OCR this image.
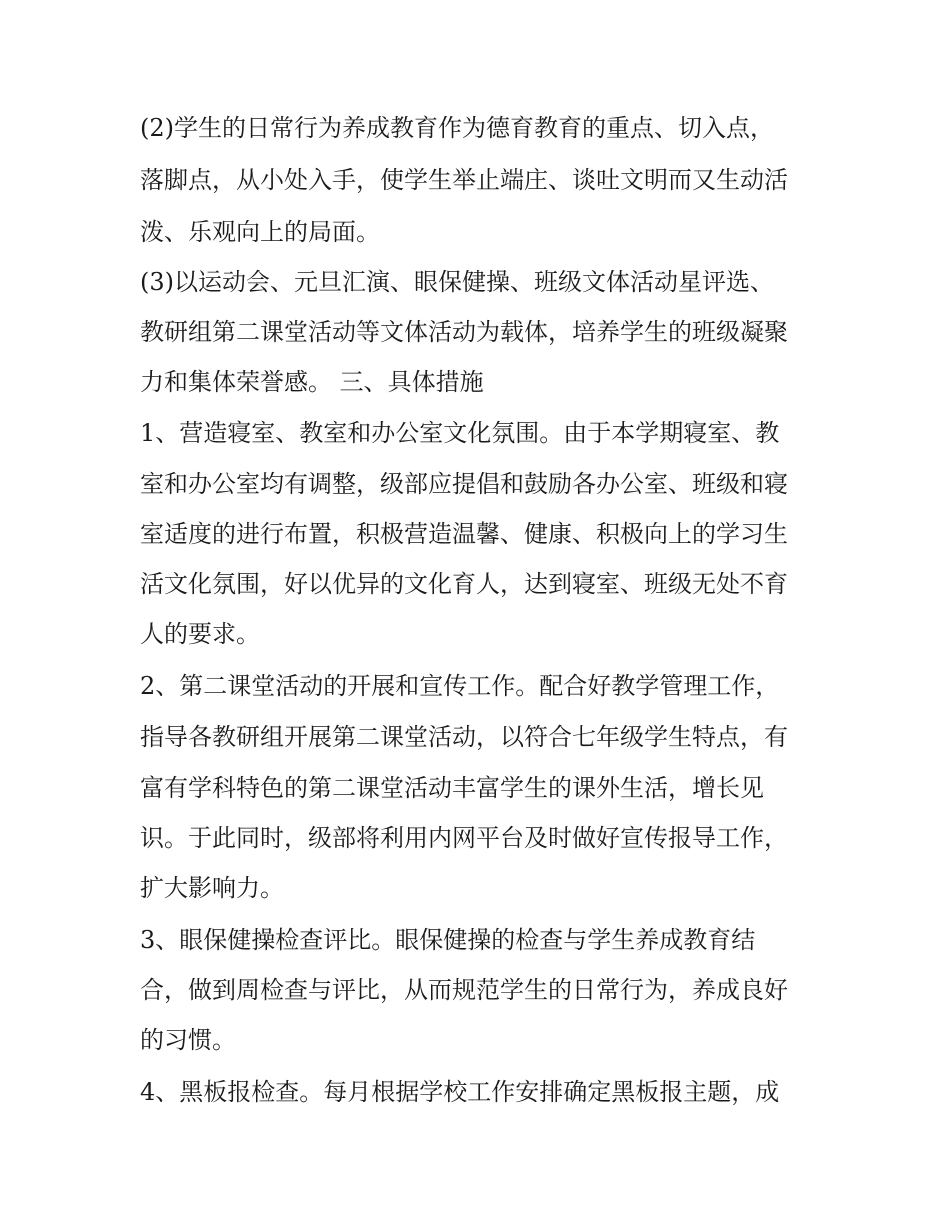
(2)学生的日常行为养成教育作为德育教育的重点、切入点，
落脚点，从小处入手，使学生举止端庄、谈吐文明而又生动活
泼、乐观向上的局面。
(3)以运动会、元旦汇演、眼保健操、班级文体活动星评选、
教研组第二课堂活动等文体活动为载体，培养学生的班级凝聚
力和集体荣誉感。 三、具体措施
1、营造寝室、教室和办公室文化氛围。由于本学期寝室、教
室和办公室均有调整，级部应提倡和鼓励各办公室、班级和寝
室适度的进行布置，积极营造温馨、健康、积极向上的学习生
活文化氛围，好以优异的文化育人，达到寝室、班级无处不育
人的要求。
2、第二课堂活动的开展和宣传工作。配合好教学管理工作，
指导各教研组开展第二课堂活动，以符合七年级学生特点，有
富有学科特色的第二课堂活动丰富学生的课外生活，增长见
识。于此同时，级部将利用内网平台及时做好宣传报导工作，
扩大影响力。
3、眼保健操检查评比。眼保健操的检查与学生养成教育结
合，做到周检查与评比，从而规范学生的日常行为，养成良好
的习惯。
4、黑板报检查。每月根据学校工作安排确定黑板报主题，成
